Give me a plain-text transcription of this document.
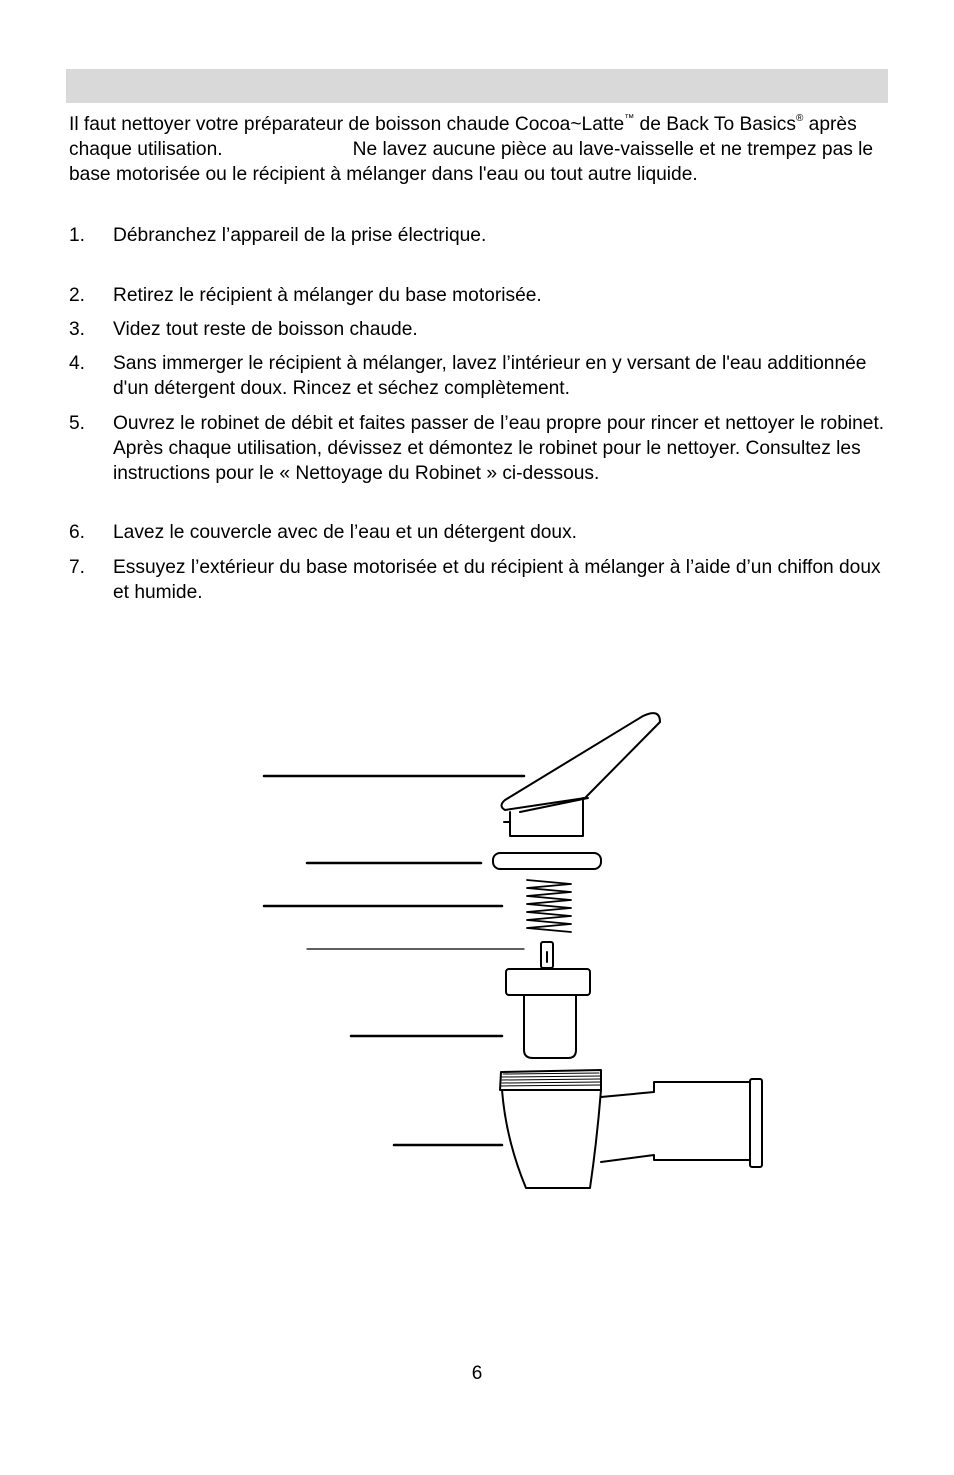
Il faut nettoyer votre préparateur de boisson chaude Cocoa~Latte™ de Back To Basics® après chaque utilisation.	Ne lavez aucune pièce au lave-vaisselle et ne trempez pas le base motorisée ou le récipient à mélanger dans l'eau ou tout autre liquide.

1. Débranchez l’appareil de la prise électrique.
2. Retirez le récipient à mélanger du base motorisée.
3. Videz tout reste de boisson chaude.
4. Sans immerger le récipient à mélanger, lavez l’intérieur en y versant de l'eau additionnée d'un détergent doux. Rincez et séchez complètement.
5. Ouvrez le robinet de débit et faites passer de l’eau propre pour rincer et nettoyer le robinet. Après chaque utilisation, dévissez et démontez le robinet pour le nettoyer. Consultez les instructions pour le « Nettoyage du Robinet » ci-dessous.
6. Lavez le couvercle avec de l’eau et un détergent doux.
7. Essuyez l’extérieur du base motorisée et du récipient à mélanger à l’aide d’un chiffon doux et humide.
6
